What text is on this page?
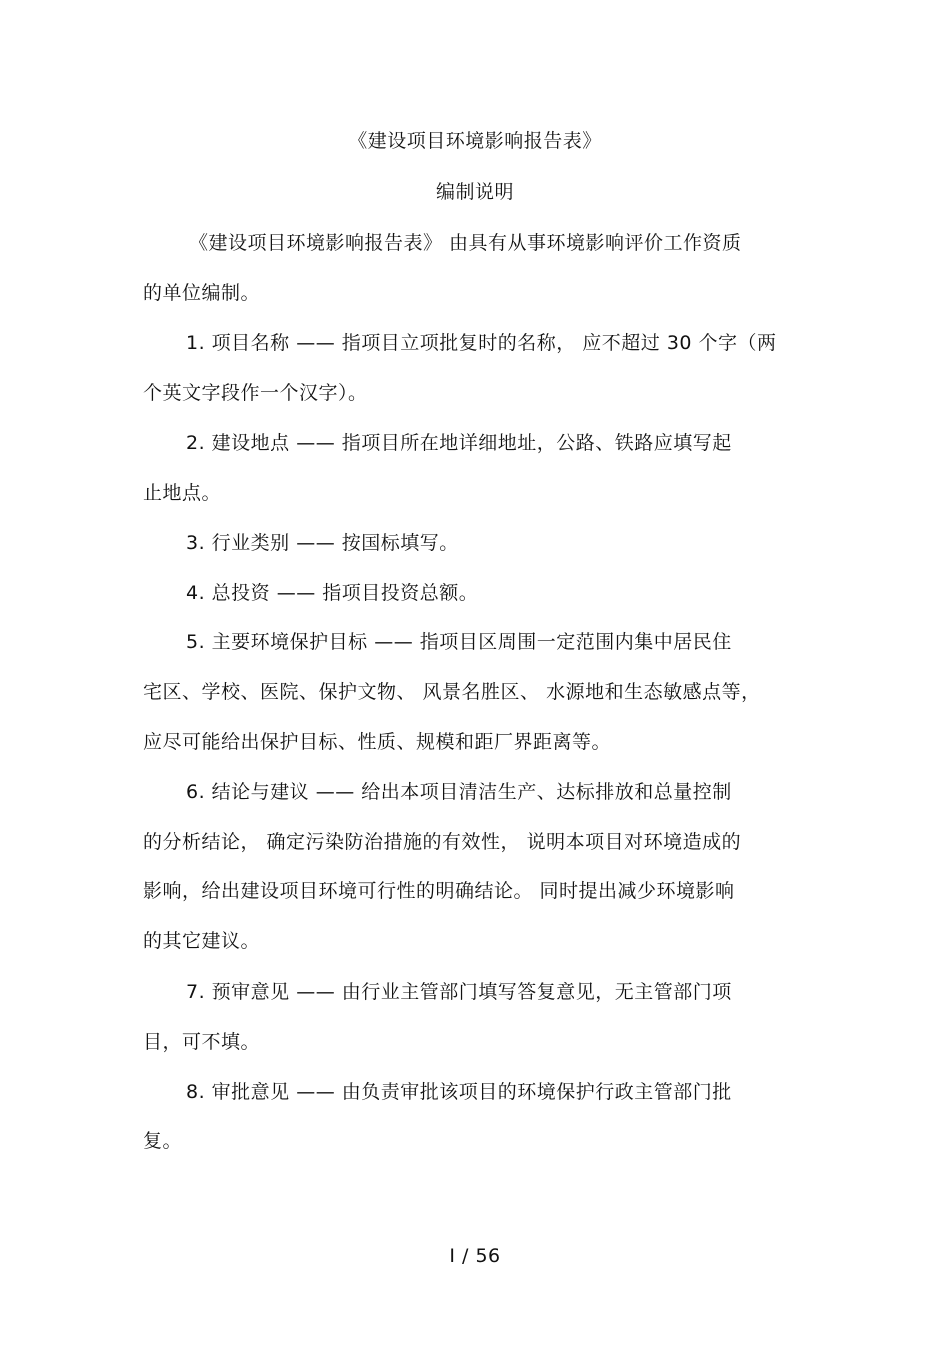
《建设项目环境影响报告表》
编制说明
《建设项目环境影响报告表》 由具有从事环境影响评价工作资质
的单位编制。
1. 项目名称 —— 指项目立项批复时的名称， 应不超过 30 个字（两
个英文字段作一个汉字）。
2. 建设地点 —— 指项目所在地详细地址，公路、铁路应填写起
止地点。
3. 行业类别 —— 按国标填写。
4. 总投资 —— 指项目投资总额。
5. 主要环境保护目标 —— 指项目区周围一定范围内集中居民住
宅区、学校、医院、保护文物、 风景名胜区、 水源地和生态敏感点等，
应尽可能给出保护目标、性质、规模和距厂界距离等。
6. 结论与建议 —— 给出本项目清洁生产、达标排放和总量控制
的分析结论， 确定污染防治措施的有效性， 说明本项目对环境造成的
影响，给出建设项目环境可行性的明确结论。 同时提出减少环境影响
的其它建议。
7. 预审意见 —— 由行业主管部门填写答复意见，无主管部门项
目，可不填。
8. 审批意见 —— 由负责审批该项目的环境保护行政主管部门批
复。
I / 56
